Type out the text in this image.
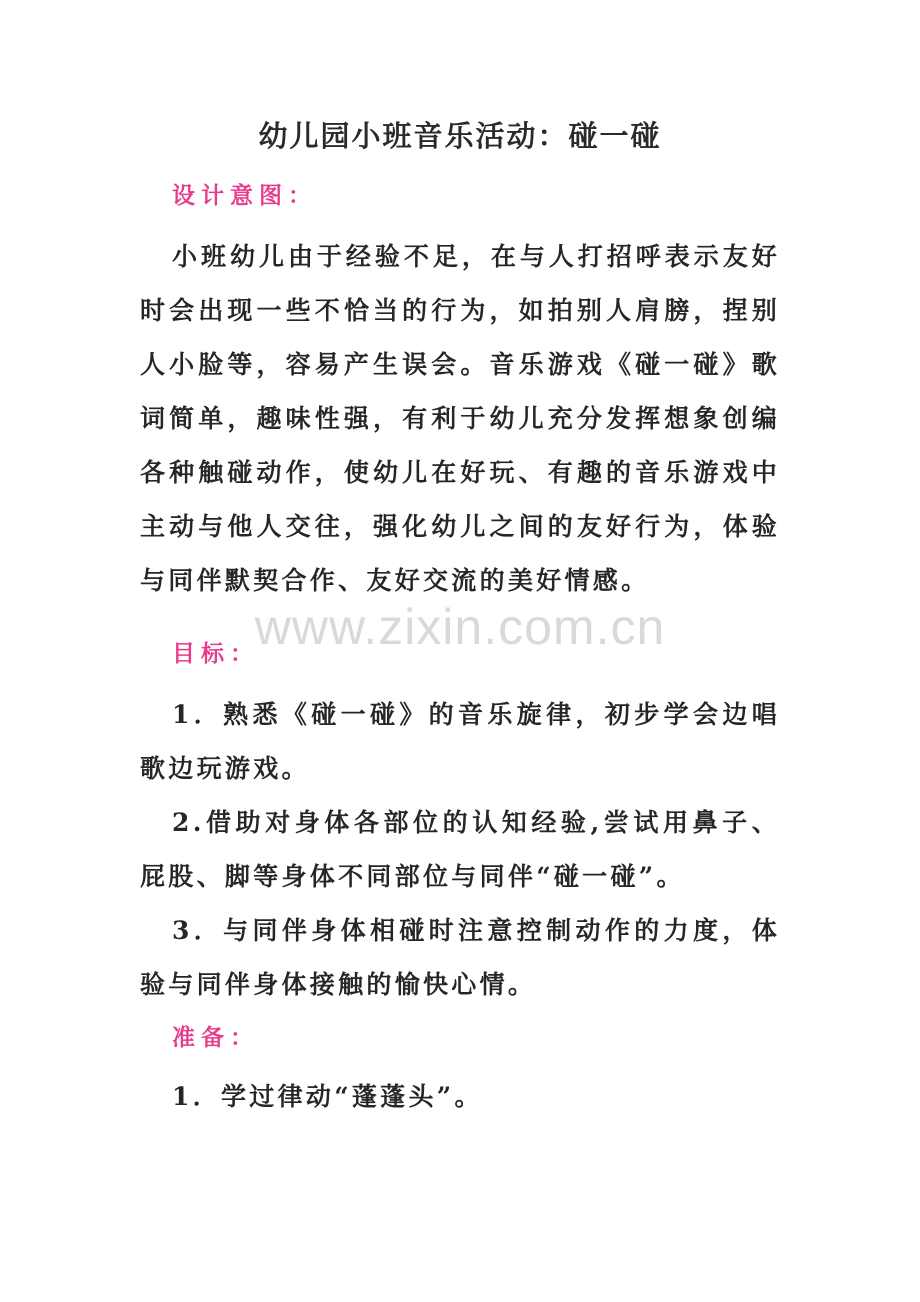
幼儿园小班音乐活动：碰一碰
设计意图：
小班幼儿由于经验不足，在与人打招呼表示友好时会出现一些不恰当的行为，如拍别人肩膀，捏别人小脸等，容易产生误会。音乐游戏《碰一碰》歌词简单，趣味性强，有利于幼儿充分发挥想象创编各种触碰动作，使幼儿在好玩、有趣的音乐游戏中主动与他人交往，强化幼儿之间的友好行为，体验与同伴默契合作、友好交流的美好情感。
www.zixin.com.cn
目标：
1．熟悉《碰一碰》的音乐旋律，初步学会边唱歌边玩游戏。
2.借助对身体各部位的认知经验,尝试用鼻子、屁股、脚等身体不同部位与同伴“碰一碰”。
3．与同伴身体相碰时注意控制动作的力度，体验与同伴身体接触的愉快心情。
准备：
1．学过律动“蓬蓬头”。
